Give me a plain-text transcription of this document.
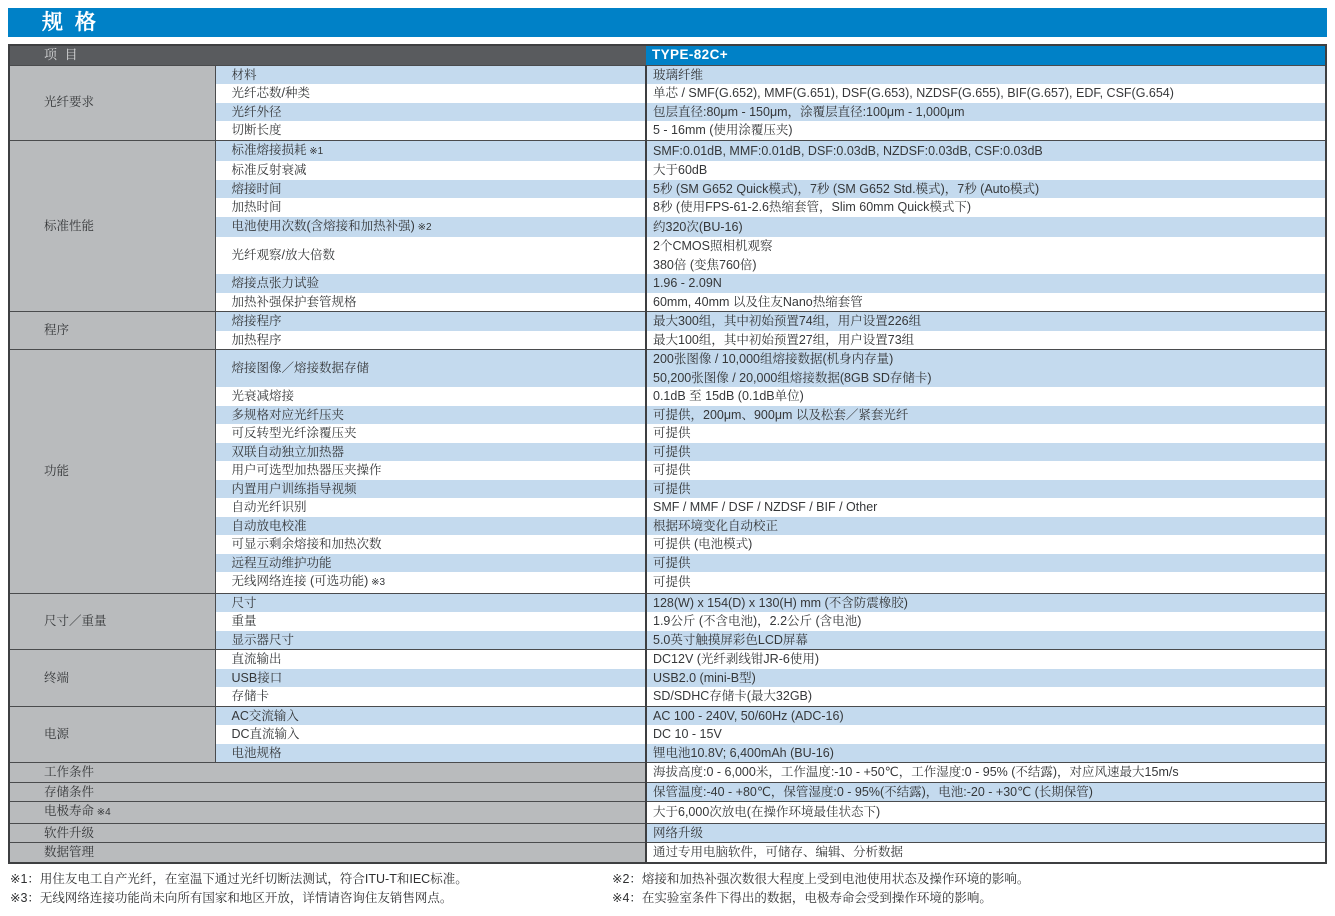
规 格
项 目		TYPE-82C+
光纤要求	材料	玻璃纤维
	光纤芯数/种类	单芯 / SMF(G.652), MMF(G.651), DSF(G.653), NZDSF(G.655), BIF(G.657), EDF, CSF(G.654)
	光纤外径	包层直径:80μm - 150μm，涂覆层直径:100μm - 1,000μm
	切断长度	5 - 16mm (使用涂覆压夹)
标准性能	标准熔接损耗 ※1	SMF:0.01dB, MMF:0.01dB, DSF:0.03dB, NZDSF:0.03dB, CSF:0.03dB
	标准反射衰减	大于60dB
	熔接时间	5秒 (SM G652 Quick模式)，7秒 (SM G652 Std.模式)，7秒 (Auto模式)
	加热时间	8秒 (使用FPS-61-2.6热缩套管，Slim 60mm Quick模式下)
	电池使用次数(含熔接和加热补强) ※2	约320次(BU-16)
	光纤观察/放大倍数	2个CMOS照相机观察
380倍 (变焦760倍)

	熔接点张力试验	1.96 - 2.09N
	加热补强保护套管规格	60mm, 40mm 以及住友Nano热缩套管
程序	熔接程序	最大300组，其中初始预置74组，用户设置226组
	加热程序	最大100组，其中初始预置27组，用户设置73组
功能	熔接图像／熔接数据存储	200张图像 / 10,000组熔接数据(机身内存量)
50,200张图像 / 20,000组熔接数据(8GB SD存储卡)

	光衰减熔接	0.1dB 至 15dB (0.1dB单位)
	多规格对应光纤压夹	可提供，200μm、900μm 以及松套／紧套光纤
	可反转型光纤涂覆压夹	可提供
	双联自动独立加热器	可提供
	用户可选型加热器压夹操作	可提供
	内置用户训练指导视频	可提供
	自动光纤识别	SMF / MMF / DSF / NZDSF / BIF / Other
	自动放电校准	根据环境变化自动校正
	可显示剩余熔接和加热次数	可提供 (电池模式)
	远程互动维护功能	可提供
	无线网络连接 (可选功能) ※3	可提供
尺寸／重量	尺寸	128(W) x 154(D) x 130(H) mm (不含防震橡胶)
	重量	1.9公斤 (不含电池)，2.2公斤 (含电池)
	显示器尺寸	5.0英寸触摸屏彩色LCD屏幕
终端	直流输出	DC12V (光纤剥线钳JR-6使用)
	USB接口	USB2.0 (mini-B型)
	存储卡	SD/SDHC存储卡(最大32GB)
电源	AC交流输入	AC 100 - 240V, 50/60Hz (ADC-16)
	DC直流输入	DC 10 - 15V
	电池规格	锂电池10.8V; 6,400mAh (BU-16)
工作条件		海拔高度:0 - 6,000米，工作温度:-10 - +50℃，工作湿度:0 - 95% (不结露)，对应风速最大15m/s
存储条件		保管温度:-40 - +80℃，保管湿度:0 - 95%(不结露)，电池:-20 - +30℃ (长期保管)
电极寿命 ※4		大于6,000次放电(在操作环境最佳状态下)
软件升级		网络升级
数据管理		通过专用电脑软件，可储存、编辑、分析数据
※1：用住友电工自产光纤，在室温下通过光纤切断法测试，符合ITU-T和IEC标准。	※2：熔接和加热补强次数很大程度上受到电池使用状态及操作环境的影响。
※3：无线网络连接功能尚未向所有国家和地区开放，详情请咨询住友销售网点。	※4：在实验室条件下得出的数据，电极寿命会受到操作环境的影响。
